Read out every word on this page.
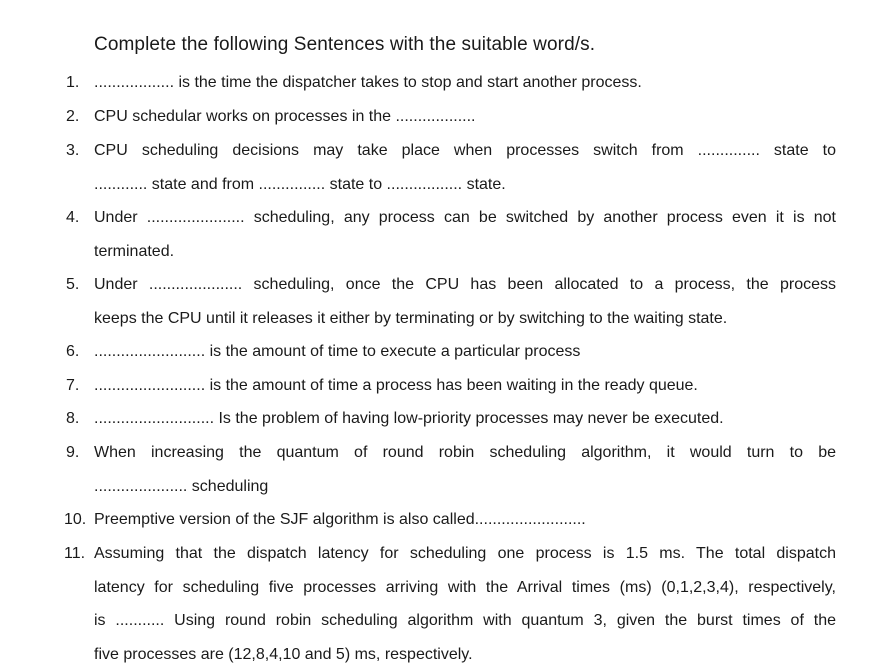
Complete the following Sentences with the suitable word/s.
1. .................. is the time the dispatcher takes to stop and start another process.
2. CPU schedular works on processes in the ..................
3. CPU scheduling decisions may take place when processes switch from .............. state to
............ state and from ............... state to ................. state.
4. Under ...................... scheduling, any process can be switched by another process even it is not
terminated.
5. Under ..................... scheduling, once the CPU has been allocated to a process, the process
keeps the CPU until it releases it either by terminating or by switching to the waiting state.
6. ......................... is the amount of time to execute a particular process
7. ......................... is the amount of time a process has been waiting in the ready queue.
8. ........................... Is the problem of having low-priority processes may never be executed.
9. When increasing the quantum of round robin scheduling algorithm, it would turn to be
..................... scheduling
10. Preemptive version of the SJF algorithm is also called.........................
11. Assuming that the dispatch latency for scheduling one process is 1.5 ms. The total dispatch
latency for scheduling five processes arriving with the Arrival times (ms) (0,1,2,3,4), respectively,
is ........... Using round robin scheduling algorithm with quantum 3, given the burst times of the
five processes are (12,8,4,10 and 5) ms, respectively.
